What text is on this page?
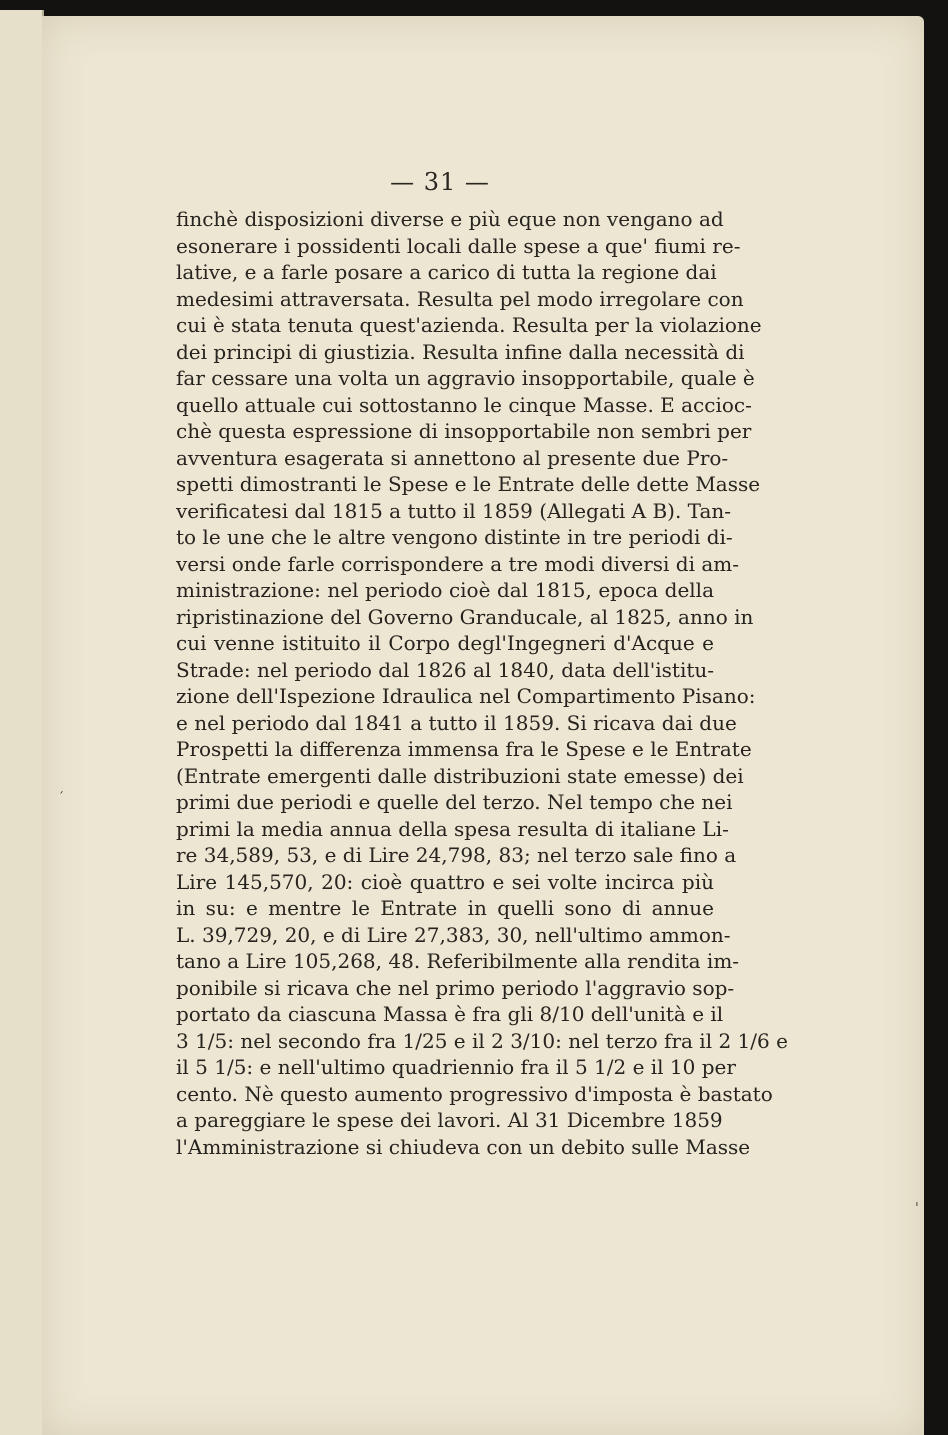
— 31 —
finchè disposizioni diverse e più eque non vengano ad
esonerare i possidenti locali dalle spese a que' fiumi re-
lative, e a farle posare a carico di tutta la regione dai
medesimi attraversata. Resulta pel modo irregolare con
cui è stata tenuta quest'azienda. Resulta per la violazione
dei principi di giustizia. Resulta infine dalla necessità di
far cessare una volta un aggravio insopportabile, quale è
quello attuale cui sottostanno le cinque Masse. E accioc-
chè questa espressione di insopportabile non sembri per
avventura esagerata si annettono al presente due Pro-
spetti dimostranti le Spese e le Entrate delle dette Masse
verificatesi dal 1815 a tutto il 1859 (Allegati A B). Tan-
to le une che le altre vengono distinte in tre periodi di-
versi onde farle corrispondere a tre modi diversi di am-
ministrazione: nel periodo cioè dal 1815, epoca della
ripristinazione del Governo Granducale, al 1825, anno in
cui venne istituito il Corpo degl'Ingegneri d'Acque e
Strade: nel periodo dal 1826 al 1840, data dell'istitu-
zione dell'Ispezione Idraulica nel Compartimento Pisano:
e nel periodo dal 1841 a tutto il 1859. Si ricava dai due
Prospetti la differenza immensa fra le Spese e le Entrate
(Entrate emergenti dalle distribuzioni state emesse) dei
primi due periodi e quelle del terzo. Nel tempo che nei
primi la media annua della spesa resulta di italiane Li-
re 34,589, 53, e di Lire 24,798, 83; nel terzo sale fino a
Lire 145,570, 20: cioè quattro e sei volte incirca più
in su: e mentre le Entrate in quelli sono di annue
L. 39,729, 20, e di Lire 27,383, 30, nell'ultimo ammon-
tano a Lire 105,268, 48. Referibilmente alla rendita im-
ponibile si ricava che nel primo periodo l'aggravio sop-
portato da ciascuna Massa è fra gli 8/10 dell'unità e il
3 1/5: nel secondo fra 1/25 e il 2 3/10: nel terzo fra il 2 1/6 e
il 5 1/5: e nell'ultimo quadriennio fra il 5 1/2 e il 10 per
cento. Nè questo aumento progressivo d'imposta è bastato
a pareggiare le spese dei lavori. Al 31 Dicembre 1859
l'Amministrazione si chiudeva con un debito sulle Masse
ˊ
ˌ
